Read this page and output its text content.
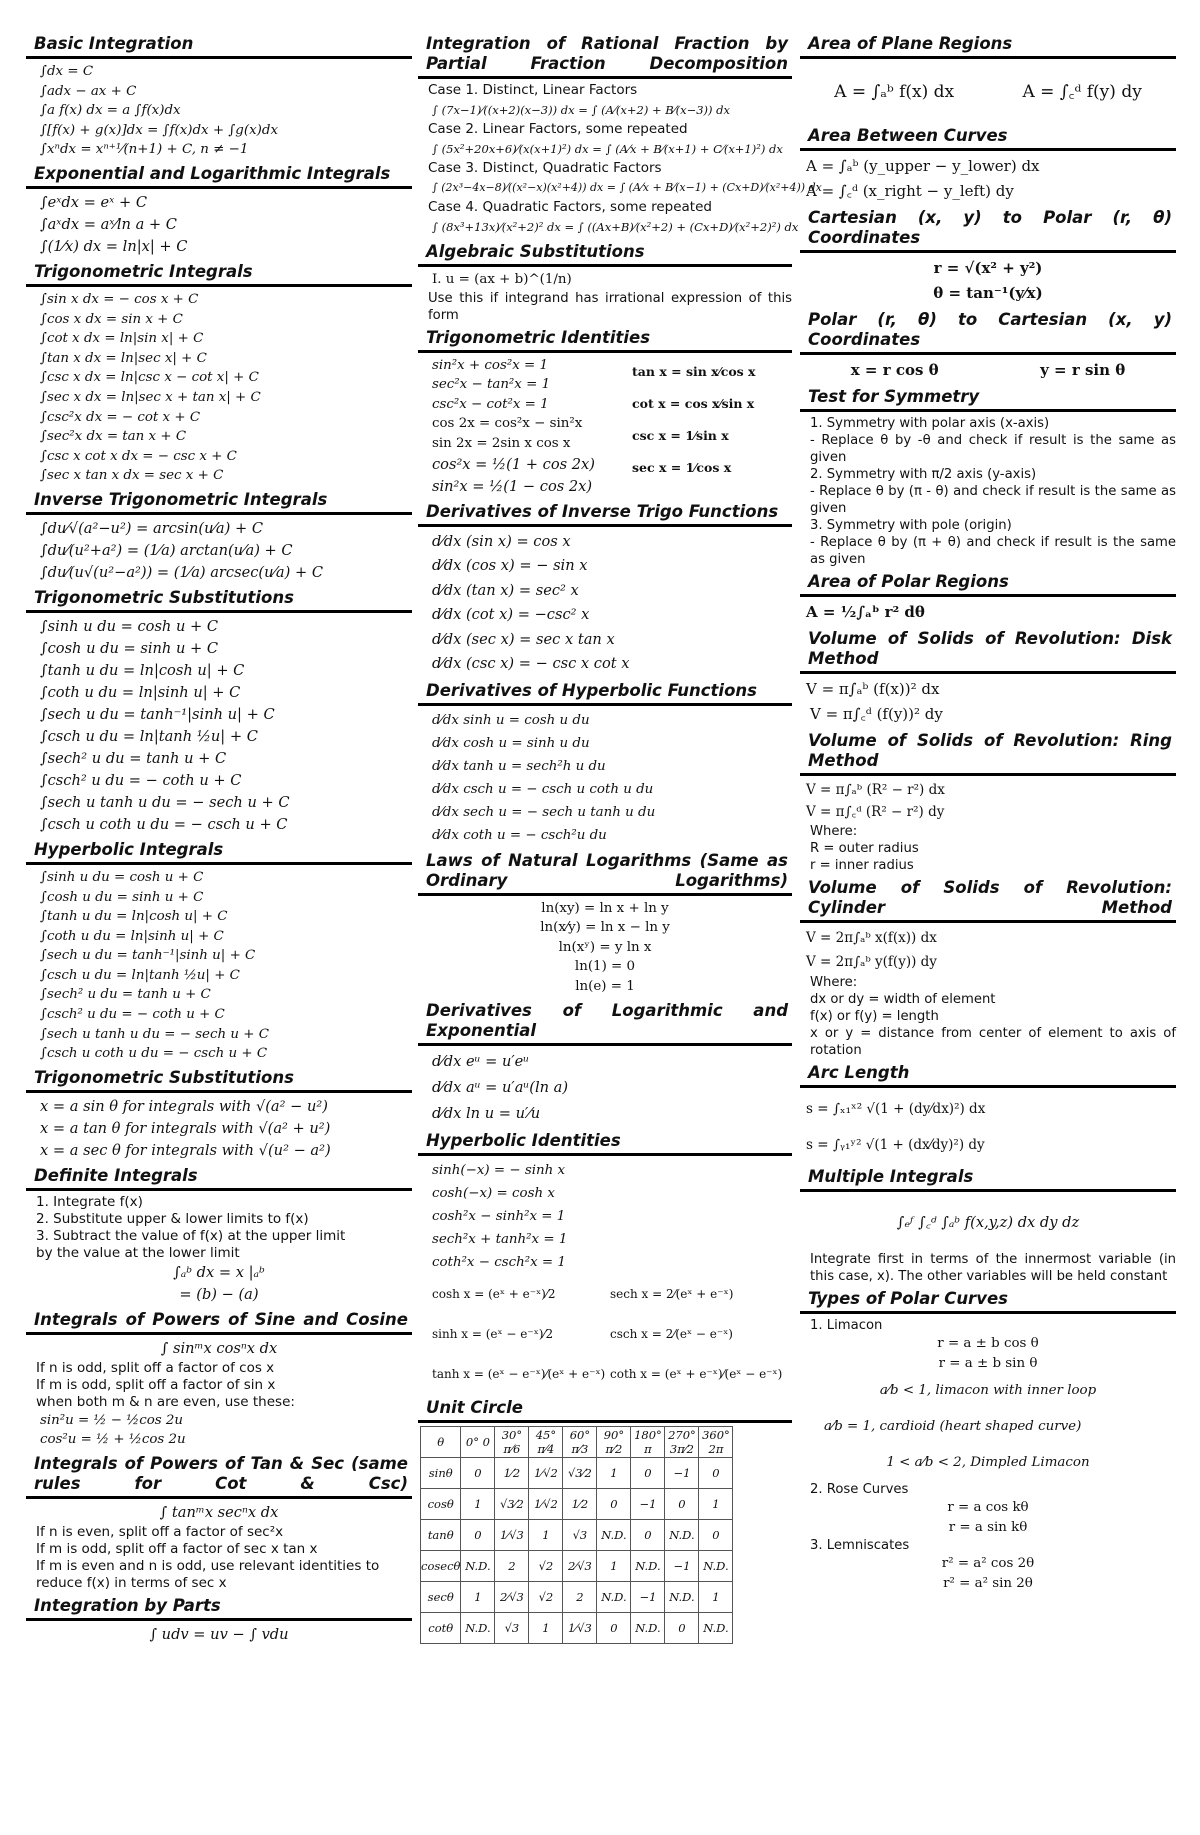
Basic Integration
∫dx = C
∫adx − ax + C
∫a f(x) dx = a ∫f(x)dx
∫[f(x) + g(x)]dx = ∫f(x)dx + ∫g(x)dx
∫xⁿdx = xⁿ⁺¹⁄(n+1) + C, n ≠ −1
Exponential and Logarithmic Integrals
∫eˣdx = eˣ + C
∫aˣdx = aˣ⁄ln a + C
∫(1⁄x) dx = ln|x| + C
Trigonometric Integrals
∫sin x dx = − cos x + C
∫cos x dx = sin x + C
∫cot x dx = ln|sin x| + C
∫tan x dx = ln|sec x| + C
∫csc x dx = ln|csc x − cot x| + C
∫sec x dx = ln|sec x + tan x| + C
∫csc²x dx = − cot x + C
∫sec²x dx = tan x + C
∫csc x cot x dx = − csc x + C
∫sec x tan x dx = sec x + C
Inverse Trigonometric Integrals
∫du⁄√(a²−u²) = arcsin(u⁄a) + C
∫du⁄(u²+a²) = (1⁄a) arctan(u⁄a) + C
∫du⁄(u√(u²−a²)) = (1⁄a) arcsec(u⁄a) + C
Trigonometric Substitutions
∫sinh u du = cosh u + C
∫cosh u du = sinh u + C
∫tanh u du = ln|cosh u| + C
∫coth u du = ln|sinh u| + C
∫sech u du = tanh⁻¹|sinh u| + C
∫csch u du = ln|tanh ½u| + C
∫sech² u du = tanh u + C
∫csch² u du = − coth u + C
∫sech u tanh u du = − sech u + C
∫csch u coth u du = − csch u + C
Hyperbolic Integrals
∫sinh u du = cosh u + C
∫cosh u du = sinh u + C
∫tanh u du = ln|cosh u| + C
∫coth u du = ln|sinh u| + C
∫sech u du = tanh⁻¹|sinh u| + C
∫csch u du = ln|tanh ½u| + C
∫sech² u du = tanh u + C
∫csch² u du = − coth u + C
∫sech u tanh u du = − sech u + C
∫csch u coth u du = − csch u + C
Trigonometric Substitutions
x = a sin θ for integrals with √(a² − u²)
x = a tan θ for integrals with √(a² + u²)
x = a sec θ for integrals with √(u² − a²)
Definite Integrals
1. Integrate f(x)
2. Substitute upper & lower limits to f(x)
3. Subtract the value of f(x) at the upper limit
by the value at the lower limit
∫ₐᵇ dx = x |ₐᵇ
= (b) − (a)
Integrals of Powers of Sine and Cosine
∫ sinᵐx cosⁿx dx
If n is odd, split off a factor of cos x
If m is odd, split off a factor of sin x
when both m & n are even, use these:
sin²u = ½ − ½cos 2u
cos²u = ½ + ½cos 2u
Integrals of Powers of Tan & Sec (same rules for Cot & Csc)
∫ tanᵐx secⁿx dx
If n is even, split off a factor of sec²x
If m is odd, split off a factor of sec x tan x
If m is even and n is odd, use relevant identities to reduce f(x) in terms of sec x
Integration by Parts
∫ udv = uv − ∫ vdu
Integration of Rational Fraction by Partial Fraction Decomposition
Case 1. Distinct, Linear Factors
∫ (7x−1)⁄((x+2)(x−3)) dx = ∫ (A⁄(x+2) + B⁄(x−3)) dx
Case 2. Linear Factors, some repeated
∫ (5x²+20x+6)⁄(x(x+1)²) dx = ∫ (A⁄x + B⁄(x+1) + C⁄(x+1)²) dx
Case 3. Distinct, Quadratic Factors
∫ (2x³−4x−8)⁄((x²−x)(x²+4)) dx = ∫ (A⁄x + B⁄(x−1) + (Cx+D)⁄(x²+4)) dx
Case 4. Quadratic Factors, some repeated
∫ (8x³+13x)⁄(x²+2)² dx = ∫ ((Ax+B)⁄(x²+2) + (Cx+D)⁄(x²+2)²) dx
Algebraic Substitutions
I. u = (ax + b)^(1/n)
Use this if integrand has irrational expression of this form
Trigonometric Identities
sin²x + cos²x = 1
sec²x − tan²x = 1
csc²x − cot²x = 1
cos 2x = cos²x − sin²x
sin 2x = 2sin x cos x
cos²x = ½(1 + cos 2x)
sin²x = ½(1 − cos 2x)
tan x = sin x⁄cos x
cot x = cos x⁄sin x
csc x = 1⁄sin x
sec x = 1⁄cos x
Derivatives of Inverse Trigo Functions
d⁄dx (sin x) = cos x
d⁄dx (cos x) = − sin x
d⁄dx (tan x) = sec² x
d⁄dx (cot x) = −csc² x
d⁄dx (sec x) = sec x tan x
d⁄dx (csc x) = − csc x cot x
Derivatives of Hyperbolic Functions
d⁄dx sinh u = cosh u du
d⁄dx cosh u = sinh u du
d⁄dx tanh u = sech²h u du
d⁄dx csch u = − csch u coth u du
d⁄dx sech u = − sech u tanh u du
d⁄dx coth u = − csch²u du
Laws of Natural Logarithms (Same as Ordinary Logarithms)
ln(xy) = ln x + ln y
ln(x⁄y) = ln x − ln y
ln(xʸ) = y ln x
ln(1) = 0
ln(e) = 1
Derivatives of Logarithmic and Exponential
d⁄dx eᵘ = u′eᵘ
d⁄dx aᵘ = u′aᵘ(ln a)
d⁄dx ln u = u′⁄u
Hyperbolic Identities
sinh(−x) = − sinh x
cosh(−x) = cosh x
cosh²x − sinh²x = 1
sech²x + tanh²x = 1
coth²x − csch²x = 1
cosh x = (eˣ + e⁻ˣ)⁄2	sech x = 2⁄(eˣ + e⁻ˣ)
sinh x = (eˣ − e⁻ˣ)⁄2	csch x = 2⁄(eˣ − e⁻ˣ)
tanh x = (eˣ − e⁻ˣ)⁄(eˣ + e⁻ˣ) coth x = (eˣ + e⁻ˣ)⁄(eˣ − e⁻ˣ)
Unit Circle
θ	0° 0	30° π⁄6	45° π⁄4	60° π⁄3	90° π⁄2	180° π	270° 3π⁄2	360° 2π
sinθ	0	1⁄2	1⁄√2	√3⁄2	1	0	−1	0
cosθ	1	√3⁄2	1⁄√2	1⁄2	0	−1	0	1
tanθ	0	1⁄√3	1	√3	N.D.	0	N.D.	0
cosecθ	N.D.	2	√2	2⁄√3	1	N.D.	−1	N.D.
secθ	1	2⁄√3	√2	2	N.D.	−1	N.D.	1
cotθ	N.D.	√3	1	1⁄√3	0	N.D.	0	N.D.
Area of Plane Regions
A = ∫ₐᵇ f(x) dx	A = ∫꜀ᵈ f(y) dy
Area Between Curves
A = ∫ₐᵇ (y_upper − y_lower) dx
A = ∫꜀ᵈ (x_right − y_left) dy
Cartesian (x, y) to Polar (r, θ) Coordinates
r = √(x² + y²)
θ = tan⁻¹(y⁄x)
Polar (r, θ) to Cartesian (x, y) Coordinates
x = r cos θ	y = r sin θ
Test for Symmetry
1. Symmetry with polar axis (x-axis)
- Replace θ by -θ and check if result is the same as given
2. Symmetry with π/2 axis (y-axis)
- Replace θ by (π - θ) and check if result is the same as given
3. Symmetry with pole (origin)
- Replace θ by (π + θ) and check if result is the same as given
Area of Polar Regions
A = ½∫ₐᵇ r² dθ
Volume of Solids of Revolution: Disk Method
V = π∫ₐᵇ (f(x))² dx
V = π∫꜀ᵈ (f(y))² dy
Volume of Solids of Revolution: Ring Method
V = π∫ₐᵇ (R² − r²) dx
V = π∫꜀ᵈ (R² − r²) dy
Where:
R = outer radius
r = inner radius
Volume of Solids of Revolution: Cylinder Method
V = 2π∫ₐᵇ x(f(x)) dx
V = 2π∫ₐᵇ y(f(y)) dy
Where:
dx or dy = width of element
f(x) or f(y) = length
x or y = distance from center of element to axis of rotation
Arc Length
s = ∫ₓ₁ˣ² √(1 + (dy⁄dx)²) dx
s = ∫ᵧ₁ʸ² √(1 + (dx⁄dy)²) dy
Multiple Integrals
∫ₑᶠ ∫꜀ᵈ ∫ₐᵇ f(x,y,z) dx dy dz
Integrate first in terms of the innermost variable (in this case, x). The other variables will be held constant
Types of Polar Curves
1. Limacon
r = a ± b cos θ
r = a ± b sin θ
a⁄b < 1, limacon with inner loop
a⁄b = 1, cardioid (heart shaped curve)
1 < a⁄b < 2, Dimpled Limacon
2. Rose Curves
r = a cos kθ
r = a sin kθ
3. Lemniscates
r² = a² cos 2θ
r² = a² sin 2θ
